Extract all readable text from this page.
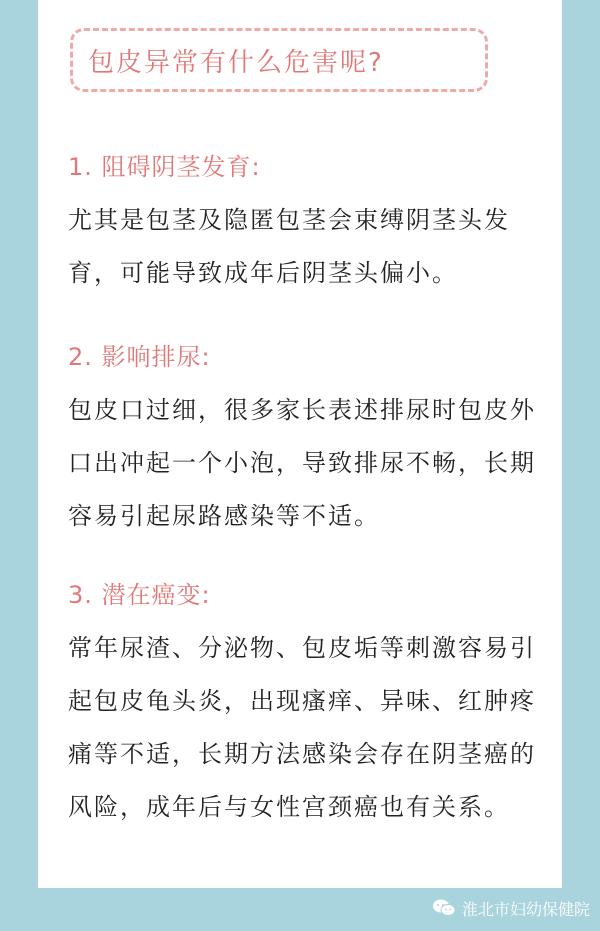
包皮异常有什么危害呢?
1. 阻碍阴茎发育:

尤其是包茎及隐匿包茎会束缚阴茎头发育，可能导致成年后阴茎头偏小。

2. 影响排尿:

包皮口过细，很多家长表述排尿时包皮外口出冲起一个小泡，导致排尿不畅，长期容易引起尿路感染等不适。

3. 潜在癌变:

常年尿渣、分泌物、包皮垢等刺激容易引起包皮龟头炎，出现瘙痒、异味、红肿疼痛等不适，长期方法感染会存在阴茎癌的风险，成年后与女性宫颈癌也有关系。

淮北市妇幼保健院
